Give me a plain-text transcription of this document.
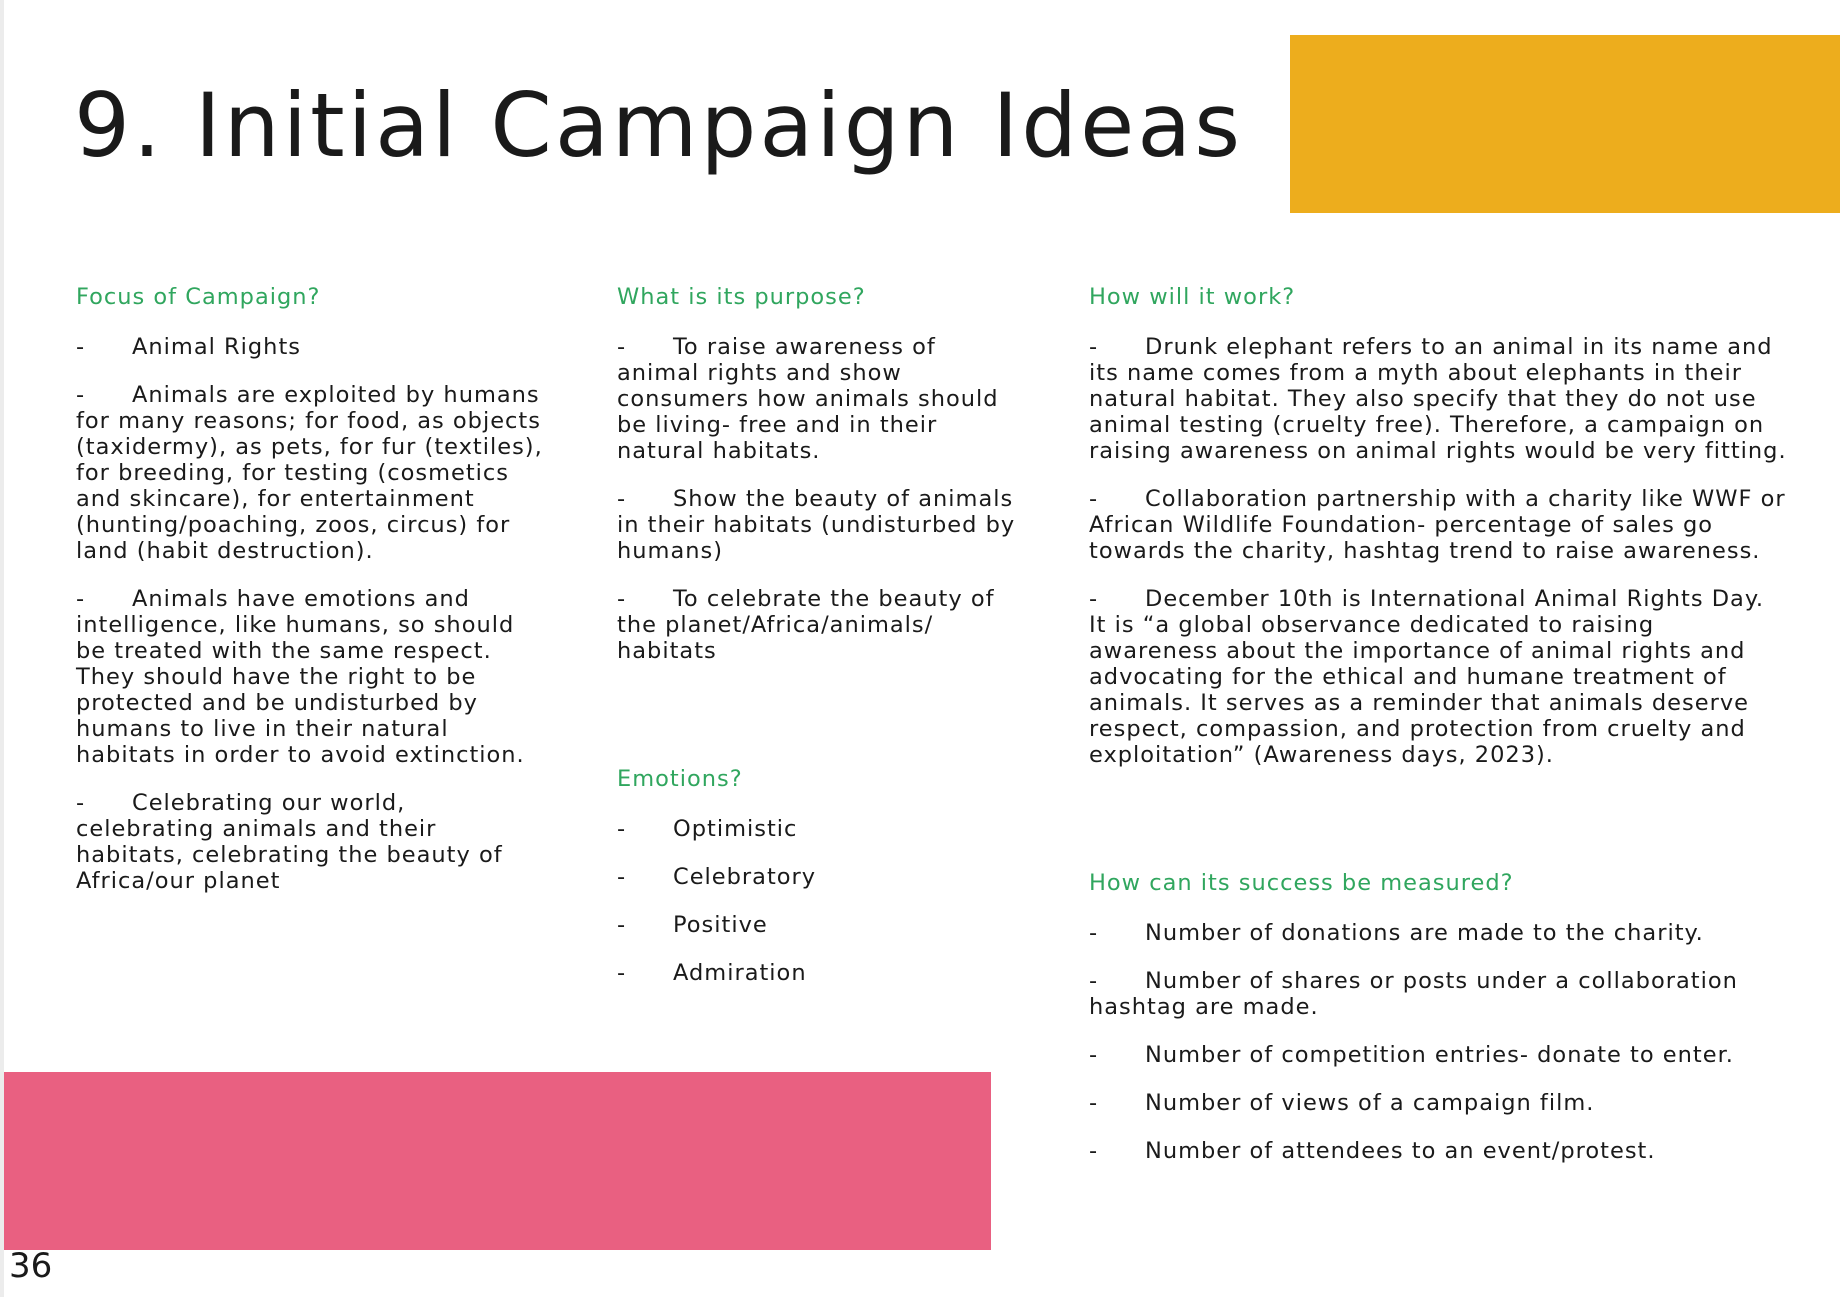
9. Initial Campaign Ideas
Focus of Campaign?
- Animal Rights
- Animals are exploited by humans for many reasons; for food, as objects (taxidermy), as pets, for fur (textiles), for breeding, for testing (cosmetics and skincare), for entertainment (hunting/poaching, zoos, circus) for land (habit destruction).
- Animals have emotions and intelligence, like humans, so should be treated with the same respect. They should have the right to be protected and be undisturbed by humans to live in their natural habitats in order to avoid extinction.
- Celebrating our world, celebrating animals and their habitats, celebrating the beauty of Africa/our planet
What is its purpose?
- To raise awareness of animal rights and show consumers how animals should be living- free and in their natural habitats.
- Show the beauty of animals in their habitats (undisturbed by humans)
- To celebrate the beauty of the planet/Africa/animals/ habitats
Emotions?
- Optimistic
- Celebratory
- Positive
- Admiration
How will it work?
- Drunk elephant refers to an animal in its name and its name comes from a myth about elephants in their natural habitat. They also specify that they do not use animal testing (cruelty free). Therefore, a campaign on raising awareness on animal rights would be very fitting.
- Collaboration partnership with a charity like WWF or African Wildlife Foundation- percentage of sales go towards the charity, hashtag trend to raise awareness.
- December 10th is International Animal Rights Day. It is “a global observance dedicated to raising awareness about the importance of animal rights and advocating for the ethical and humane treatment of animals. It serves as a reminder that animals deserve respect, compassion, and protection from cruelty and exploitation” (Awareness days, 2023).
How can its success be measured?
- Number of donations are made to the charity.
- Number of shares or posts under a collaboration hashtag are made.
- Number of competition entries- donate to enter.
- Number of views of a campaign film.
- Number of attendees to an event/protest.
36
